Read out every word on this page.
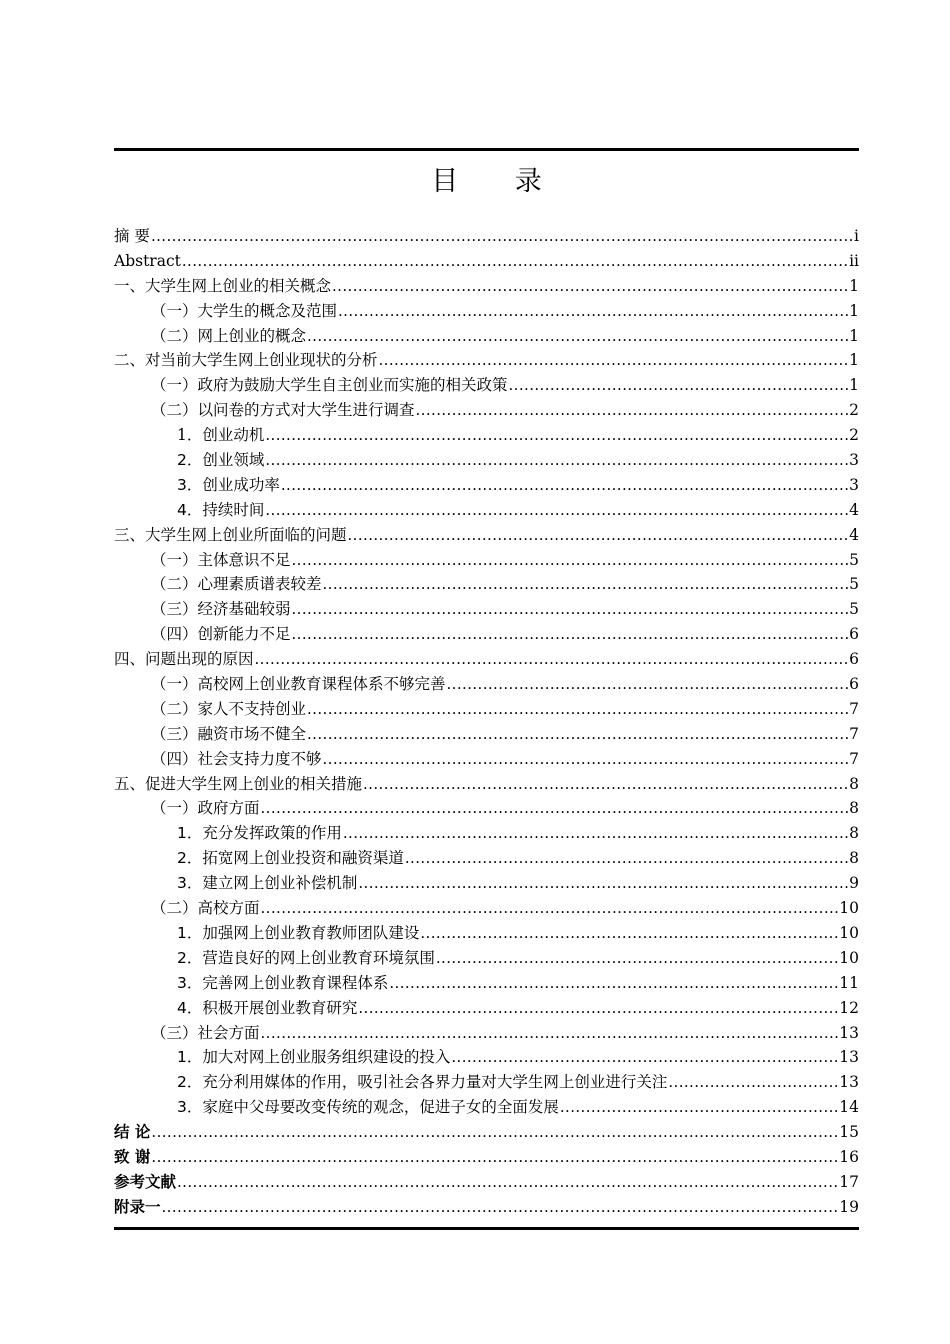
目 录
摘 要 .....	i
Abstract .....	ii
一、大学生网上创业的相关概念 .....	1
（一）大学生的概念及范围 .....	1
（二）网上创业的概念 .....	1
二、对当前大学生网上创业现状的分析 .....	1
（一）政府为鼓励大学生自主创业而实施的相关政策 .....	1
（二）以问卷的方式对大学生进行调查 .....	2
1．创业动机 .....	2
2．创业领域 .....	3
3．创业成功率 .....	3
4．持续时间 .....	4
三、大学生网上创业所面临的问题 .....	4
（一）主体意识不足 .....	5
（二）心理素质谱表较差 .....	5
（三）经济基础较弱 .....	5
（四）创新能力不足 .....	6
四、问题出现的原因 .....	6
（一）高校网上创业教育课程体系不够完善 .....	6
（二）家人不支持创业 .....	7
（三）融资市场不健全 .....	7
（四）社会支持力度不够 .....	7
五、促进大学生网上创业的相关措施 .....	8
（一）政府方面 .....	8
1．充分发挥政策的作用 .....	8
2．拓宽网上创业投资和融资渠道 .....	8
3．建立网上创业补偿机制 .....	9
（二）高校方面 .....	10
1．加强网上创业教育教师团队建设 .....	10
2．营造良好的网上创业教育环境氛围 .....	10
3．完善网上创业教育课程体系 .....	11
4．积极开展创业教育研究 .....	12
（三）社会方面 .....	13
1．加大对网上创业服务组织建设的投入 .....	13
2．充分利用媒体的作用，吸引社会各界力量对大学生网上创业进行关注 .....	13
3．家庭中父母要改变传统的观念，促进子女的全面发展 .....	14
结 论 .....	15
致 谢 .....	16
参考文献 .....	17
附录一 .....	19
